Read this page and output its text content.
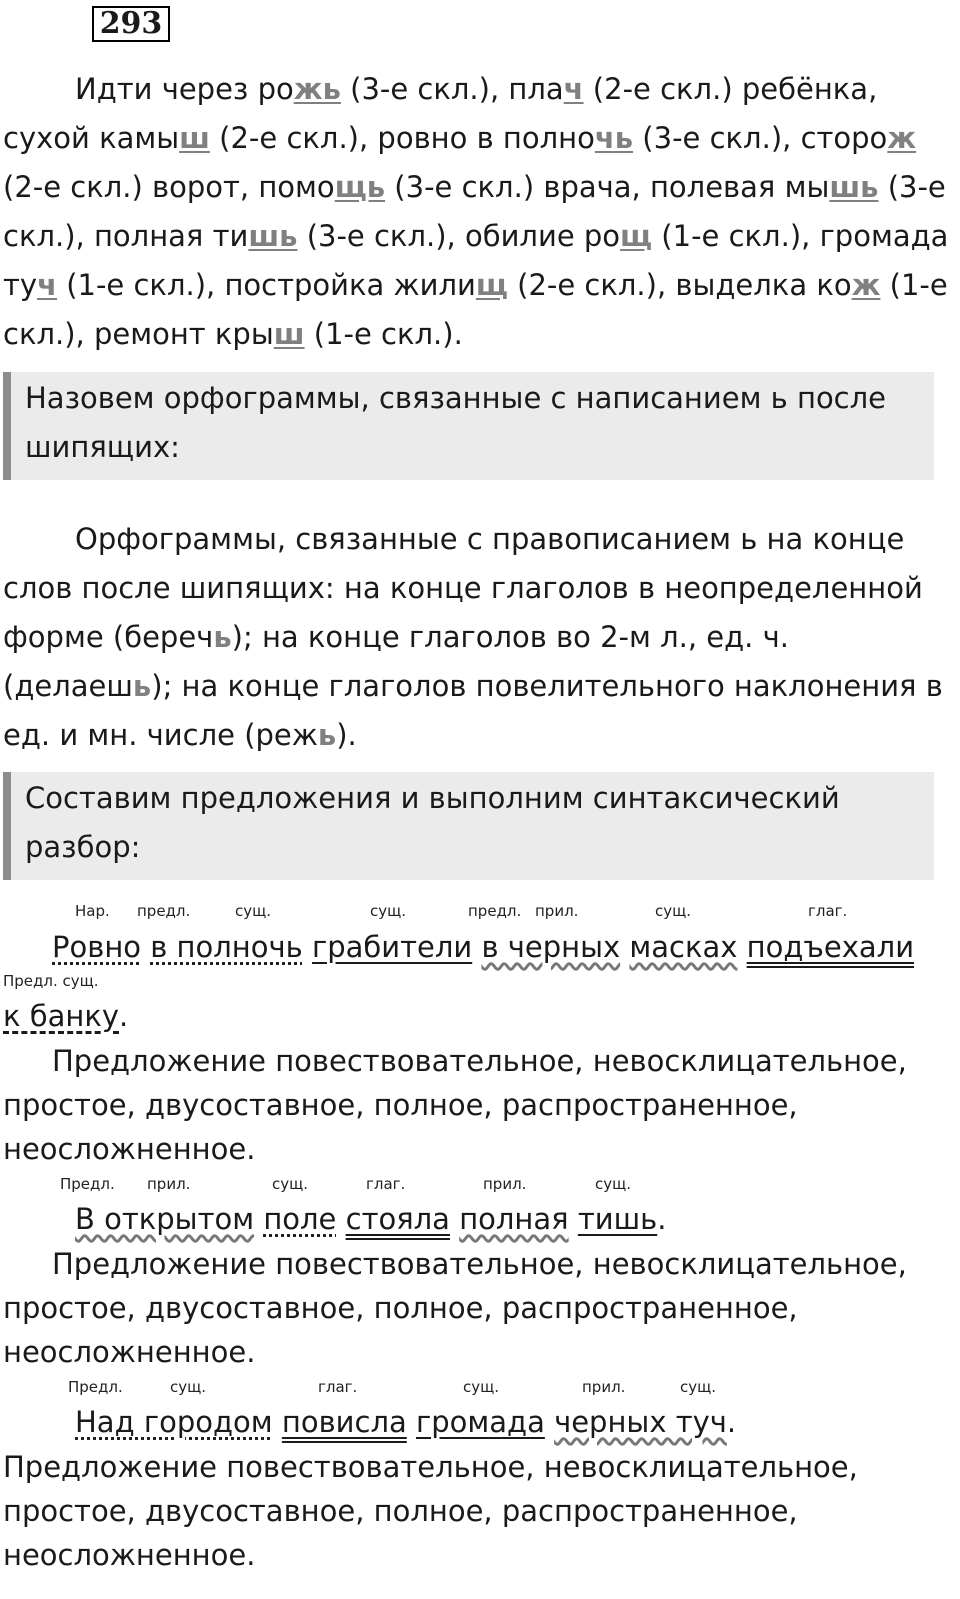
293

Идти через рожь (3-е скл.), плач (2-е скл.) ребёнка, сухой камыш (2-е скл.), ровно в полночь (3-е скл.), сторож (2-е скл.) ворот, помощь (3-е скл.) врача, полевая мышь (3-е скл.), полная тишь (3-е скл.), обилие рощ (1-е скл.), громада туч (1-е скл.), постройка жилищ (2-е скл.), выделка кож (1-е скл.), ремонт крыш (1-е скл.).

Назовем орфограммы, связанные с написанием ь после шипящих:

Орфограммы, связанные с правописанием ь на конце слов после шипящих: на конце глаголов в неопределенной форме (беречь); на конце глаголов во 2-м л., ед. ч. (делаешь); на конце глаголов повелительного наклонения в ед. и мн. числе (режь).

Составим предложения и выполним синтаксический разбор:
Нар. предл.	сущ.	сущ.	предл. прил.	сущ.	глаг.
Ровно в полночь грабители в черных масках подъехали
Предл. сущ.
к банку.

Предложение повествовательное, невосклицательное, простое, двусоставное, полное, распространенное, неосложненное.

Предл. прил.	сущ.	глаг.	прил.	сущ.
В открытом поле стояла полная тишь.

Предложение повествовательное, невосклицательное, простое, двусоставное, полное, распространенное, неосложненное.

Предл.	сущ.	глаг.	сущ.	прил.	сущ.
Над городом повисла громада черных туч.

Предложение повествовательное, невосклицательное, простое, двусоставное, полное, распространенное, неосложненное.
